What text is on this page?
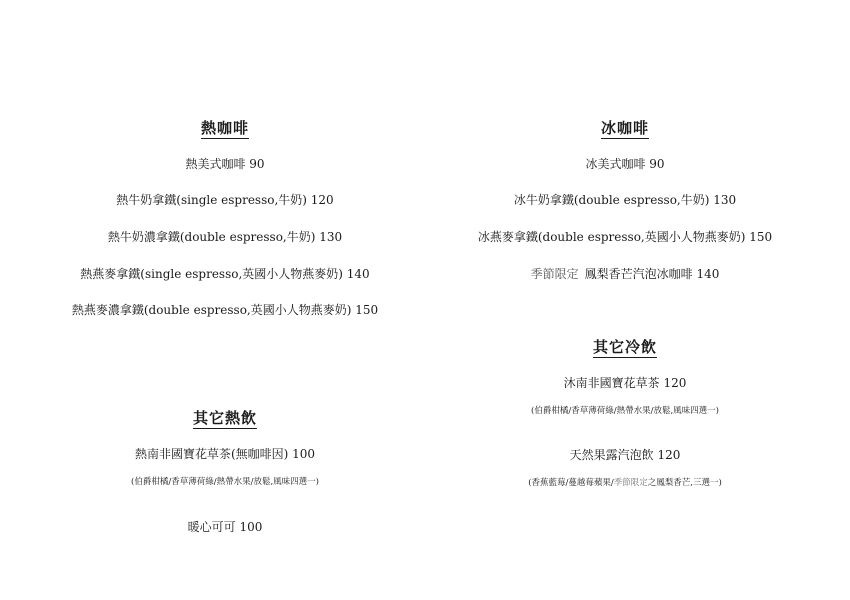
熱咖啡
熱美式咖啡 90
熱牛奶拿鐵(single espresso,牛奶) 120
熱牛奶濃拿鐵(double espresso,牛奶) 130
熱燕麥拿鐵(single espresso,英國小人物燕麥奶) 140
熱燕麥濃拿鐵(double espresso,英國小人物燕麥奶) 150
其它熱飲
熱南非國寶花草茶(無咖啡因) 100
(伯爵柑橘/香草薄荷綠/熱帶水果/放鬆,風味四選一)
暖心可可 100
冰咖啡
冰美式咖啡 90
冰牛奶拿鐵(double espresso,牛奶) 130
冰燕麥拿鐵(double espresso,英國小人物燕麥奶) 150
季節限定 鳳梨香芒汽泡冰咖啡 140
其它冷飲
沐南非國寶花草茶 120
(伯爵柑橘/香草薄荷綠/熱帶水果/放鬆,風味四選一)
天然果露汽泡飲 120
(香蕉藍莓/蔓越莓蘋果/季節限定之鳳梨香芒,三選一)
